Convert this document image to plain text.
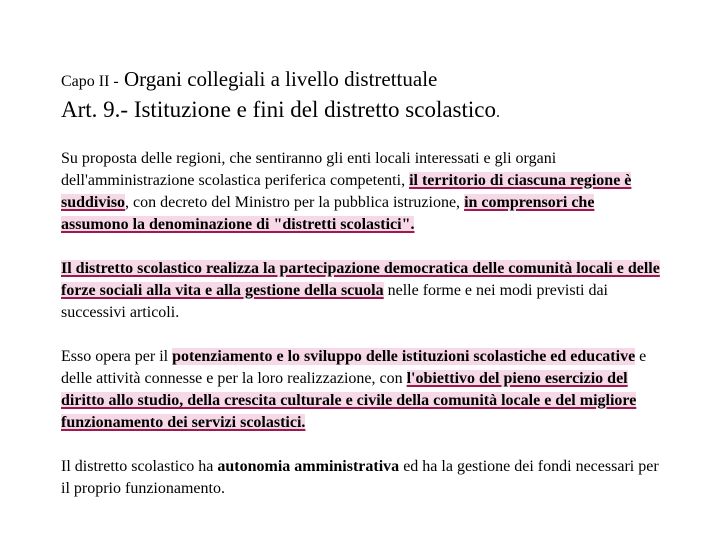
Capo II - Organi collegiali a livello distrettuale
Art. 9.- Istituzione e fini del distretto scolastico.

Su proposta delle regioni, che sentiranno gli enti locali interessati e gli organi dell'amministrazione scolastica periferica competenti, il territorio di ciascuna regione è suddiviso, con decreto del Ministro per la pubblica istruzione, in comprensori che assumono la denominazione di "distretti scolastici".

Il distretto scolastico realizza la partecipazione democratica delle comunità locali e delle forze sociali alla vita e alla gestione della scuola nelle forme e nei modi previsti dai successivi articoli.

Esso opera per il potenziamento e lo sviluppo delle istituzioni scolastiche ed educative e delle attività connesse e per la loro realizzazione, con l'obiettivo del pieno esercizio del diritto allo studio, della crescita culturale e civile della comunità locale e del migliore funzionamento dei servizi scolastici.

Il distretto scolastico ha autonomia amministrativa ed ha la gestione dei fondi necessari per il proprio funzionamento.
